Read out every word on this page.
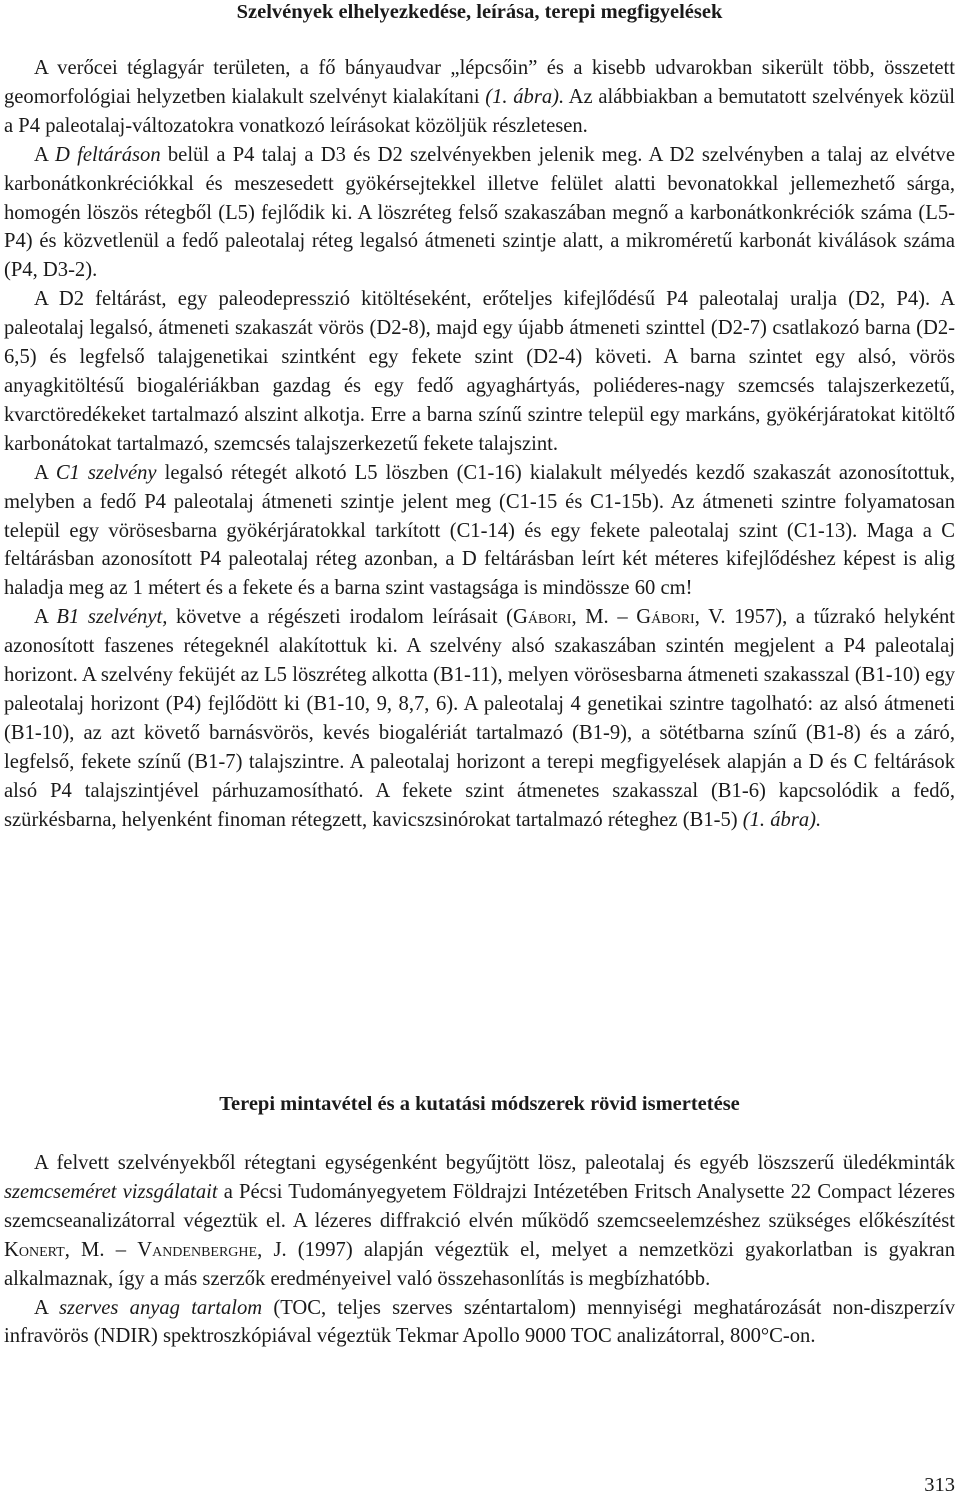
Szelvények elhelyezkedése, leírása, terepi megfigyelések

A verőcei téglagyár területen, a fő bányaudvar „lépcsőin” és a kisebb udvarokban sikerült több, összetett geomorfológiai helyzetben kialakult szelvényt kialakítani (1. ábra). Az alábbiakban a bemutatott szelvények közül a P4 paleotalaj-változatokra vonatkozó leírásokat közöljük részletesen.

A D feltáráson belül a P4 talaj a D3 és D2 szelvényekben jelenik meg. A D2 szelvényben a talaj az elvétve karbonátkonkréciókkal és meszesedett gyökérsejtekkel illetve felület alatti bevonatokkal jellemezhető sárga, homogén löszös rétegből (L5) fejlődik ki. A löszréteg felső szakaszában megnő a karbonátkonkréciók száma (L5-P4) és közvetlenül a fedő paleotalaj réteg legalsó átmeneti szintje alatt, a mikroméretű karbonát kiválások száma (P4, D3-2).

A D2 feltárást, egy paleodepresszió kitöltéseként, erőteljes kifejlődésű P4 paleotalaj uralja (D2, P4). A paleotalaj legalsó, átmeneti szakaszát vörös (D2-8), majd egy újabb átmeneti szinttel (D2-7) csatlakozó barna (D2-6,5) és legfelső talajgenetikai szintként egy fekete szint (D2-4) követi. A barna szintet egy alsó, vörös anyagkitöltésű biogalériákban gazdag és egy fedő agyaghártyás, poliéderes-nagy szemcsés talajszerkezetű, kvarctöredékeket tartalmazó alszint alkotja. Erre a barna színű szintre települ egy markáns, gyökérjáratokat kitöltő karbonátokat tartalmazó, szemcsés talajszerkezetű fekete talajszint.

A C1 szelvény legalsó rétegét alkotó L5 löszben (C1-16) kialakult mélyedés kezdő szakaszát azonosítottuk, melyben a fedő P4 paleotalaj átmeneti szintje jelent meg (C1-15 és C1-15b). Az átmeneti szintre folyamatosan települ egy vörösesbarna gyökérjáratokkal tarkított (C1-14) és egy fekete paleotalaj szint (C1-13). Maga a C feltárásban azonosított P4 paleotalaj réteg azonban, a D feltárásban leírt két méteres kifejlődéshez képest is alig haladja meg az 1 métert és a fekete és a barna szint vastagsága is mindössze 60 cm!

A B1 szelvényt, követve a régészeti irodalom leírásait (Gábori, M. – Gábori, V. 1957), a tűzrakó helyként azonosított faszenes rétegeknél alakítottuk ki. A szelvény alsó szakaszában szintén megjelent a P4 paleotalaj horizont. A szelvény feküjét az L5 löszréteg alkotta (B1-11), melyen vörösesbarna átmeneti szakasszal (B1-10) egy paleotalaj horizont (P4) fejlődött ki (B1-10, 9, 8,7, 6). A paleotalaj 4 genetikai szintre tagolható: az alsó átmeneti (B1-10), az azt követő barnásvörös, kevés biogalériát tartalmazó (B1-9), a sötétbarna színű (B1-8) és a záró, legfelső, fekete színű (B1-7) talajszintre. A paleotalaj horizont a terepi megfigyelések alapján a D és C feltárások alsó P4 talajszintjével párhuzamosítható. A fekete szint átmenetes szakasszal (B1-6) kapcsolódik a fedő, szürkésbarna, helyenként finoman rétegzett, kavicszsinórokat tartalmazó réteghez (B1-5) (1. ábra).

Terepi mintavétel és a kutatási módszerek rövid ismertetése

A felvett szelvényekből rétegtani egységenként begyűjtött lösz, paleotalaj és egyéb löszszerű üledékminták szemcseméret vizsgálatait a Pécsi Tudományegyetem Földrajzi Intézetében Fritsch Analysette 22 Compact lézeres szemcseanalizátorral végeztük el. A lézeres diffrakció elvén működő szemcseelemzéshez szükséges előkészítést Konert, M. – Vandenberghe, J. (1997) alapján végeztük el, melyet a nemzetközi gyakorlatban is gyakran alkalmaznak, így a más szerzők eredményeivel való összehasonlítás is megbízhatóbb.

A szerves anyag tartalom (TOC, teljes szerves széntartalom) mennyiségi meghatározását non-diszperzív infravörös (NDIR) spektroszkópiával végeztük Tekmar Apollo 9000 TOC analizátorral, 800°C-on.

313
